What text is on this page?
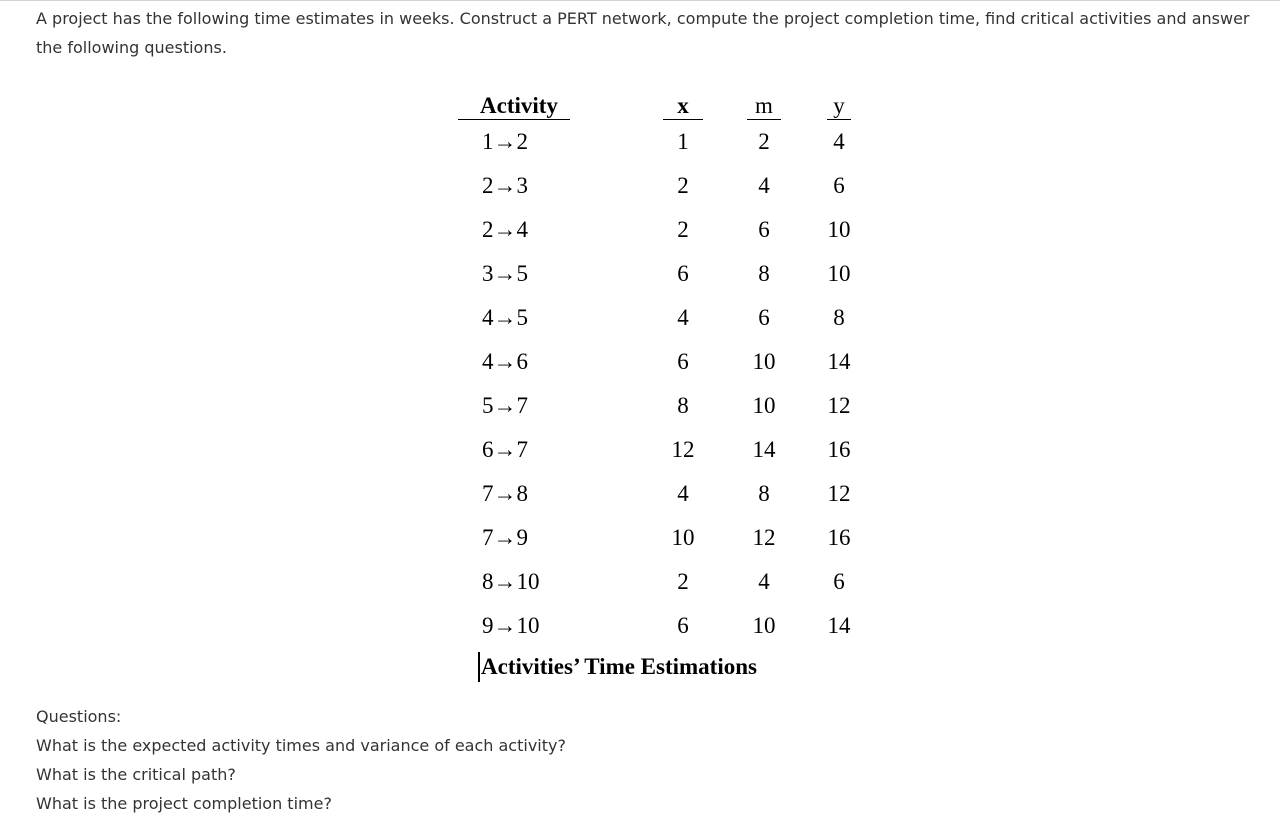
A project has the following time estimates in weeks. Construct a PERT network, compute the project completion time, find critical activities and answer the following questions.

Activity	x	m	y
1→2	1	2	4
2→3	2	4	6
2→4	2	6	10
3→5	6	8	10
4→5	4	6	8
4→6	6	10	14
5→7	8	10	12
6→7	12	14	16
7→8	4	8	12
7→9	10	12	16
8→10	2	4	6
9→10	6	10	14
Activities’ Time Estimations
Questions:
What is the expected activity times and variance of each activity?
What is the critical path?
What is the project completion time?
